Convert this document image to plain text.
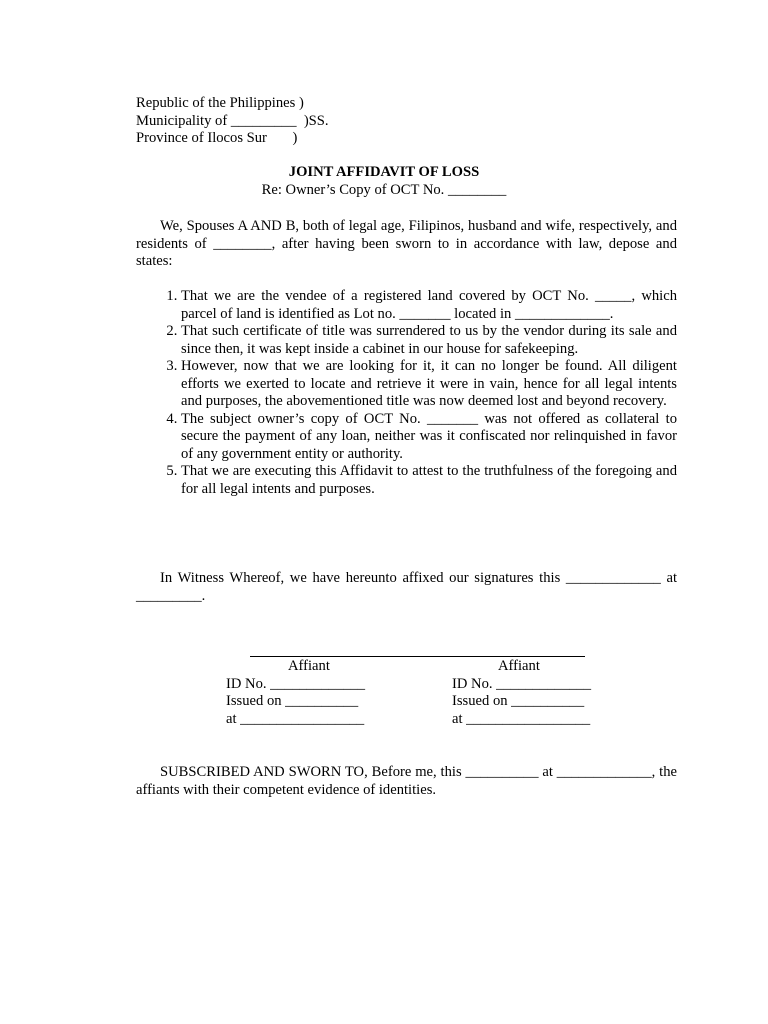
Republic of the Philippines )
Municipality of _________  )SS.
Province of Ilocos Sur       )
JOINT AFFIDAVIT OF LOSS
Re: Owner’s Copy of OCT No. ________

We, Spouses A AND B, both of legal age, Filipinos, husband and wife, respectively, and residents of ________, after having been sworn to in accordance with law, depose and states:

1. That we are the vendee of a registered land covered by OCT No. _____, which parcel of land is identified as Lot no. _______ located in _____________.
2. That such certificate of title was surrendered to us by the vendor during its sale and since then, it was kept inside a cabinet in our house for safekeeping.
3. However, now that we are looking for it, it can no longer be found. All diligent efforts we exerted to locate and retrieve it were in vain, hence for all legal intents and purposes, the abovementioned title was now deemed lost and beyond recovery.
4. The subject owner’s copy of OCT No. _______ was not offered as collateral to secure the payment of any loan, neither was it confiscated nor relinquished in favor of any government entity or authority.
5. That we are executing this Affidavit to attest to the truthfulness of the foregoing and for all legal intents and purposes.

In Witness Whereof, we have hereunto affixed our signatures this _____________ at _________.

Affiant
ID No. _____________
Issued on __________
at _________________
Affiant
ID No. _____________
Issued on __________
at _________________

SUBSCRIBED AND SWORN TO, Before me, this __________ at _____________, the affiants with their competent evidence of identities.
